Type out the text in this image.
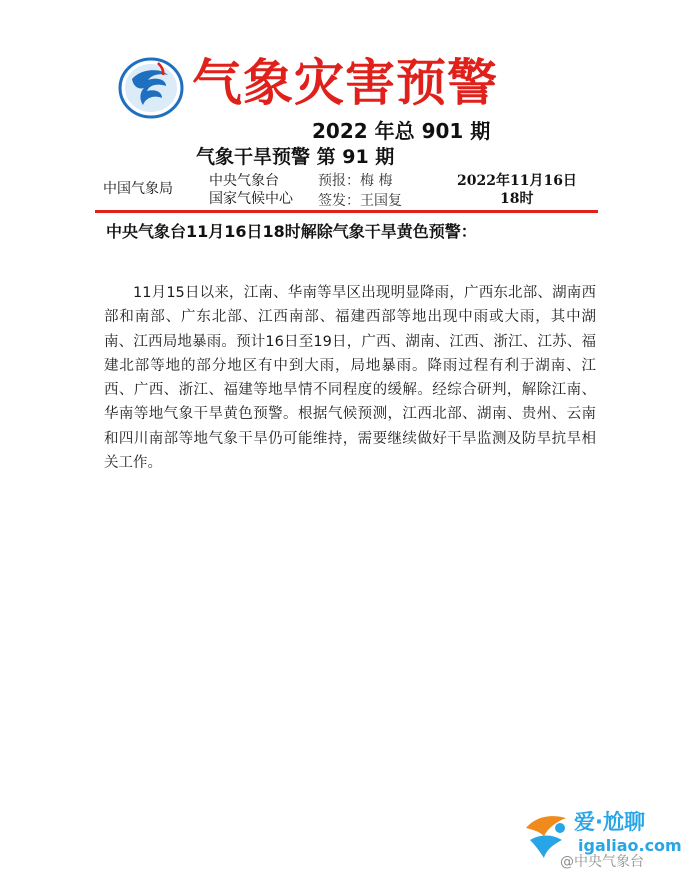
气象灾害预警
2022 年总 901 期
气象干旱预警 第 91 期
中国气象局	中央气象台
国家气候中心
预报：梅 梅
签发：王国复
2022年11月16日
18时
中央气象台11月16日18时解除气象干旱黄色预警：
11月15日以来，江南、华南等旱区出现明显降雨，广西东北部、湖南西部和南部、广东北部、江西南部、福建西部等地出现中雨或大雨，其中湖南、江西局地暴雨。预计16日至19日，广西、湖南、江西、浙江、江苏、福建北部等地的部分地区有中到大雨，局地暴雨。降雨过程有利于湖南、江西、广西、浙江、福建等地旱情不同程度的缓解。经综合研判，解除江南、华南等地气象干旱黄色预警。根据气候预测，江西北部、湖南、贵州、云南和四川南部等地气象干旱仍可能维持，需要继续做好干旱监测及防旱抗旱相关工作。
爱·尬聊
igaliao.com
@中央气象台
